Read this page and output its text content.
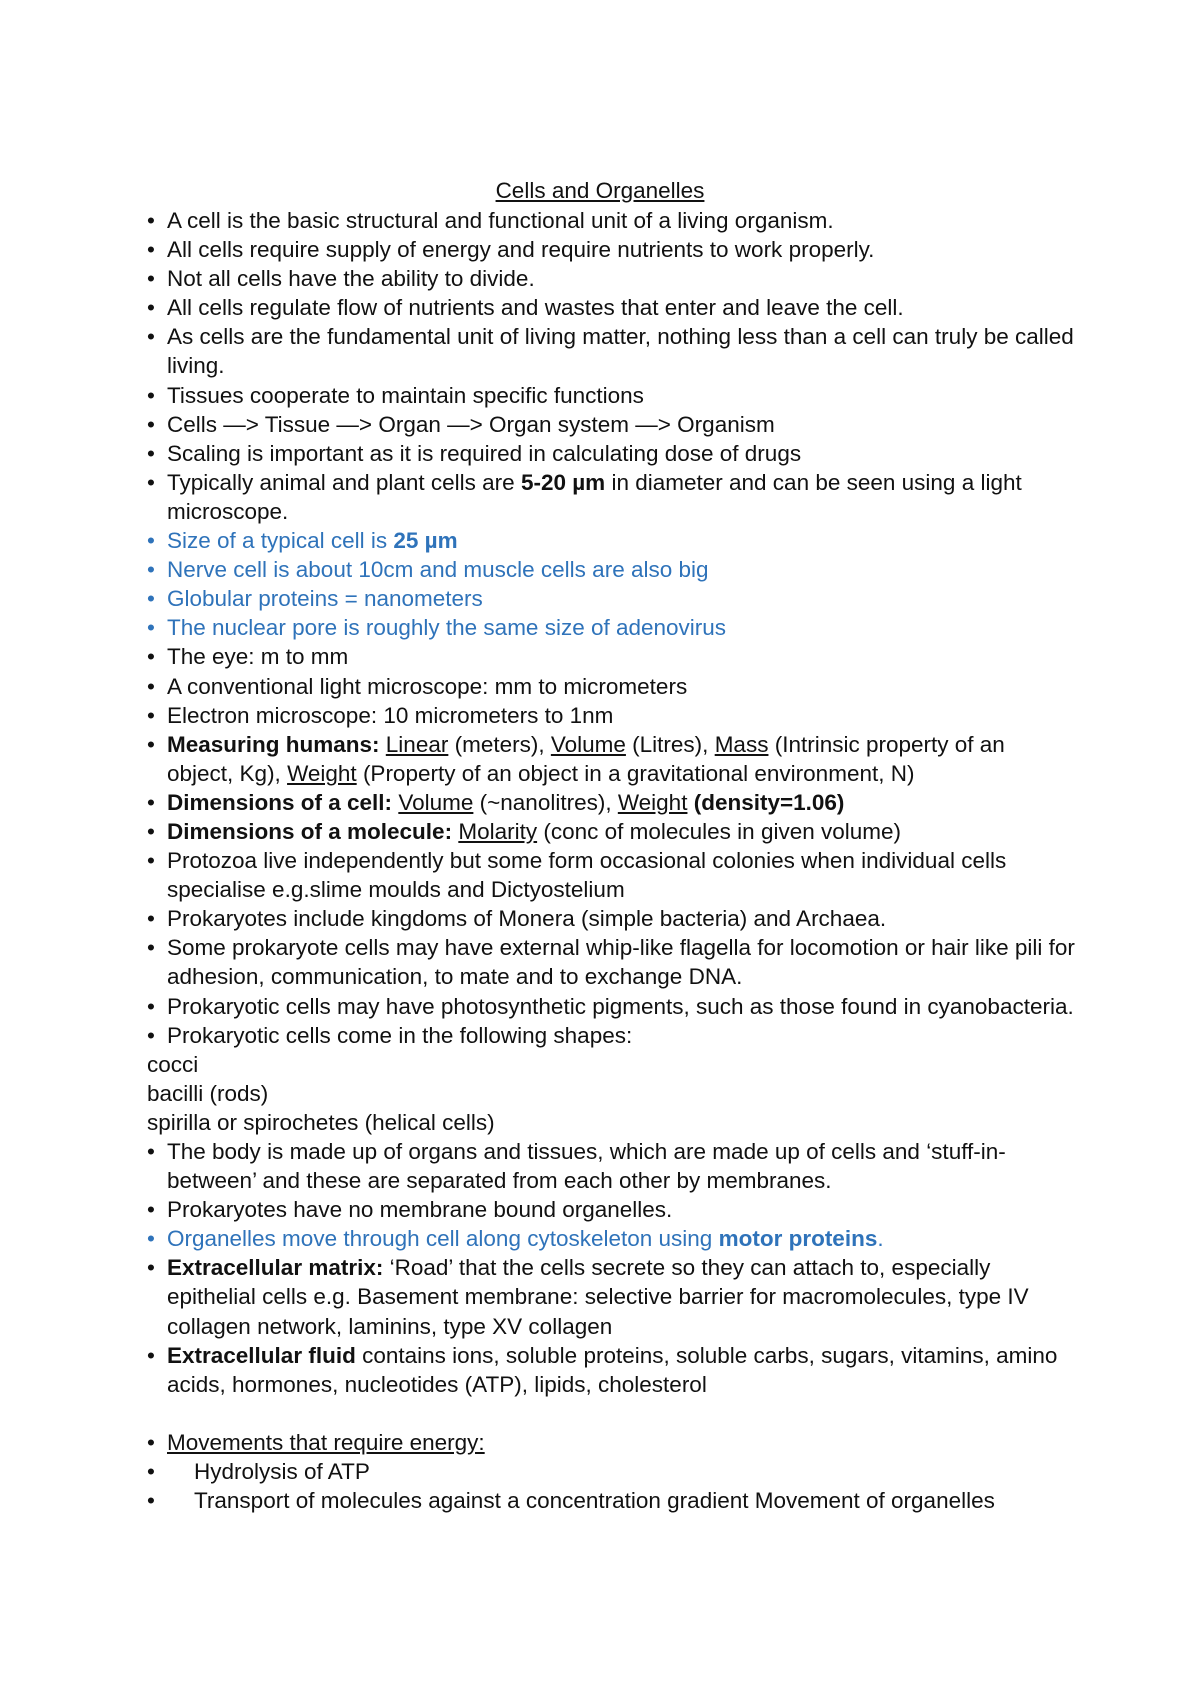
Cells and Organelles
• A cell is the basic structural and functional unit of a living organism.
• All cells require supply of energy and require nutrients to work properly.
• Not all cells have the ability to divide.
• All cells regulate flow of nutrients and wastes that enter and leave the cell.
• As cells are the fundamental unit of living matter, nothing less than a cell can truly be called living.
• Tissues cooperate to maintain specific functions
• Cells —> Tissue —> Organ —> Organ system —> Organism
• Scaling is important as it is required in calculating dose of drugs
• Typically animal and plant cells are 5-20 µm in diameter and can be seen using a light microscope.
• Size of a typical cell is 25 µm
• Nerve cell is about 10cm and muscle cells are also big
• Globular proteins = nanometers
• The nuclear pore is roughly the same size of adenovirus
• The eye: m to mm
• A conventional light microscope: mm to micrometers
• Electron microscope: 10 micrometers to 1nm
• Measuring humans: Linear (meters), Volume (Litres), Mass (Intrinsic property of an object, Kg), Weight (Property of an object in a gravitational environment, N)
• Dimensions of a cell: Volume (~nanolitres), Weight (density=1.06)
• Dimensions of a molecule: Molarity (conc of molecules in given volume)
• Protozoa live independently but some form occasional colonies when individual cells specialise e.g.slime moulds and Dictyostelium
• Prokaryotes include kingdoms of Monera (simple bacteria) and Archaea.
• Some prokaryote cells may have external whip-like flagella for locomotion or hair like pili for adhesion, communication, to mate and to exchange DNA.
• Prokaryotic cells may have photosynthetic pigments, such as those found in cyanobacteria.
• Prokaryotic cells come in the following shapes:
cocci
bacilli (rods)
spirilla or spirochetes (helical cells)
• The body is made up of organs and tissues, which are made up of cells and ‘stuff-in-between’ and these are separated from each other by membranes.
• Prokaryotes have no membrane bound organelles.
• Organelles move through cell along cytoskeleton using motor proteins.
• Extracellular matrix: ‘Road’ that the cells secrete so they can attach to, especially epithelial cells e.g. Basement membrane: selective barrier for macromolecules, type IV collagen network, laminins, type XV collagen
• Extracellular fluid contains ions, soluble proteins, soluble carbs, sugars, vitamins, amino acids, hormones, nucleotides (ATP), lipids, cholesterol
• Movements that require energy:
• Hydrolysis of ATP
• Transport of molecules against a concentration gradient Movement of organelles
